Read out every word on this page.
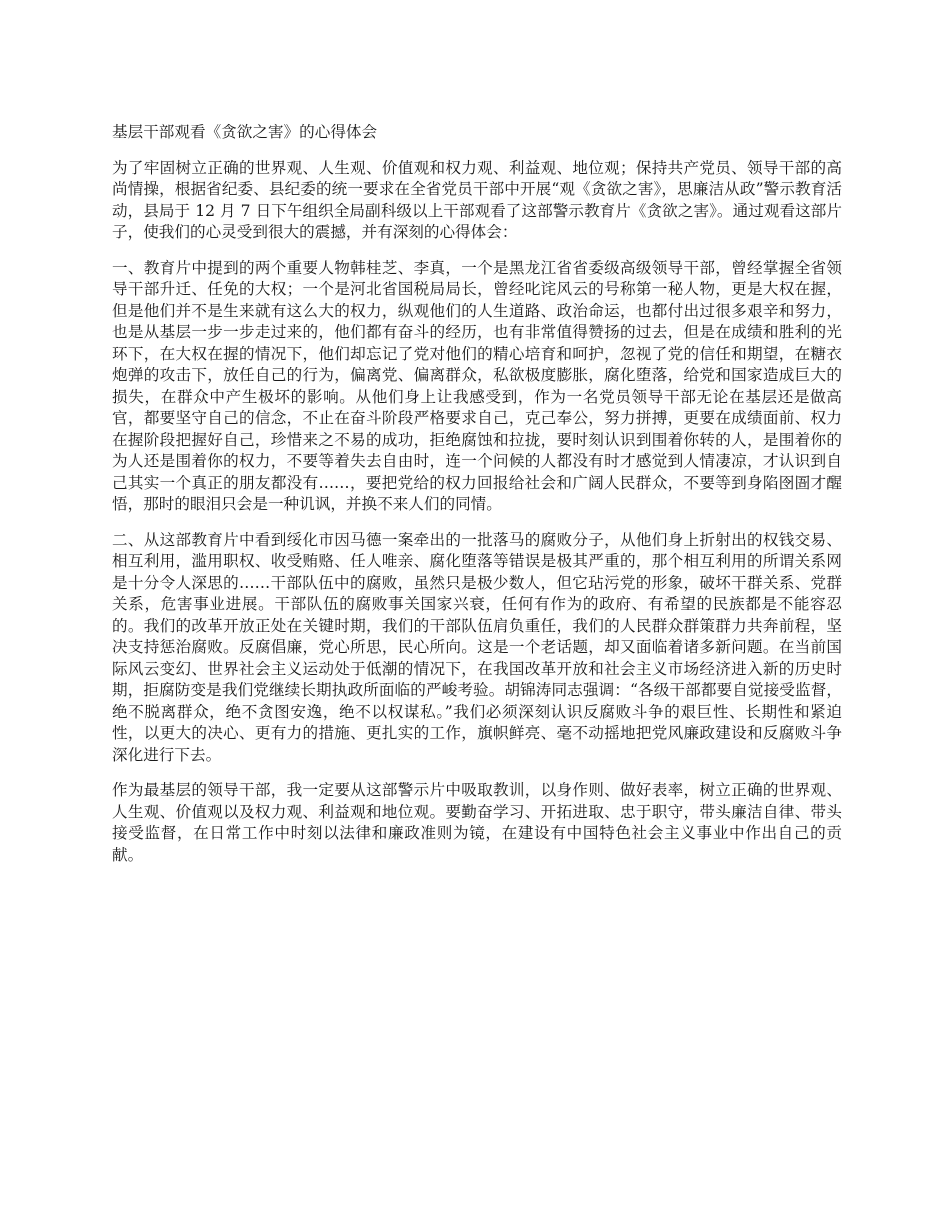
基层干部观看《贪欲之害》的心得体会

为了牢固树立正确的世界观、人生观、价值观和权力观、利益观、地位观；保持共产党员、领导干部的高尚情操，根据省纪委、县纪委的统一要求在全省党员干部中开展“观《贪欲之害》，思廉洁从政”警示教育活动，县局于 12 月 7 日下午组织全局副科级以上干部观看了这部警示教育片《贪欲之害》。通过观看这部片子，使我们的心灵受到很大的震撼，并有深刻的心得体会：

一、教育片中提到的两个重要人物韩桂芝、李真，一个是黑龙江省省委级高级领导干部，曾经掌握全省领导干部升迁、任免的大权；一个是河北省国税局局长，曾经叱诧风云的号称第一秘人物，更是大权在握，但是他们并不是生来就有这么大的权力，纵观他们的人生道路、政治命运，也都付出过很多艰辛和努力，也是从基层一步一步走过来的，他们都有奋斗的经历，也有非常值得赞扬的过去，但是在成绩和胜利的光环下，在大权在握的情况下，他们却忘记了党对他们的精心培育和呵护，忽视了党的信任和期望，在糖衣炮弹的攻击下，放任自己的行为，偏离党、偏离群众，私欲极度膨胀，腐化堕落，给党和国家造成巨大的损失，在群众中产生极坏的影响。从他们身上让我感受到，作为一名党员领导干部无论在基层还是做高官，都要坚守自己的信念，不止在奋斗阶段严格要求自己，克己奉公，努力拼搏，更要在成绩面前、权力在握阶段把握好自己，珍惜来之不易的成功，拒绝腐蚀和拉拢，要时刻认识到围着你转的人，是围着你的为人还是围着你的权力，不要等着失去自由时，连一个问候的人都没有时才感觉到人情凄凉，才认识到自己其实一个真正的朋友都没有……，要把党给的权力回报给社会和广阔人民群众，不要等到身陷囹圄才醒悟，那时的眼泪只会是一种讥讽，并换不来人们的同情。

二、从这部教育片中看到绥化市因马德一案牵出的一批落马的腐败分子，从他们身上折射出的权钱交易、相互利用，滥用职权、收受贿赂、任人唯亲、腐化堕落等错误是极其严重的，那个相互利用的所谓关系网是十分令人深思的……干部队伍中的腐败，虽然只是极少数人，但它玷污党的形象，破坏干群关系、党群关系，危害事业进展。干部队伍的腐败事关国家兴衰，任何有作为的政府、有希望的民族都是不能容忍的。我们的改革开放正处在关键时期，我们的干部队伍肩负重任，我们的人民群众群策群力共奔前程，坚决支持惩治腐败。反腐倡廉，党心所思，民心所向。这是一个老话题，却又面临着诸多新问题。在当前国际风云变幻、世界社会主义运动处于低潮的情况下，在我国改革开放和社会主义市场经济进入新的历史时期，拒腐防变是我们党继续长期执政所面临的严峻考验。胡锦涛同志强调：“各级干部都要自觉接受监督，绝不脱离群众，绝不贪图安逸，绝不以权谋私。”我们必须深刻认识反腐败斗争的艰巨性、长期性和紧迫性，以更大的决心、更有力的措施、更扎实的工作，旗帜鲜亮、毫不动摇地把党风廉政建设和反腐败斗争深化进行下去。

作为最基层的领导干部，我一定要从这部警示片中吸取教训，以身作则、做好表率，树立正确的世界观、人生观、价值观以及权力观、利益观和地位观。要勤奋学习、开拓进取、忠于职守，带头廉洁自律、带头接受监督，在日常工作中时刻以法律和廉政准则为镜，在建设有中国特色社会主义事业中作出自己的贡献。
